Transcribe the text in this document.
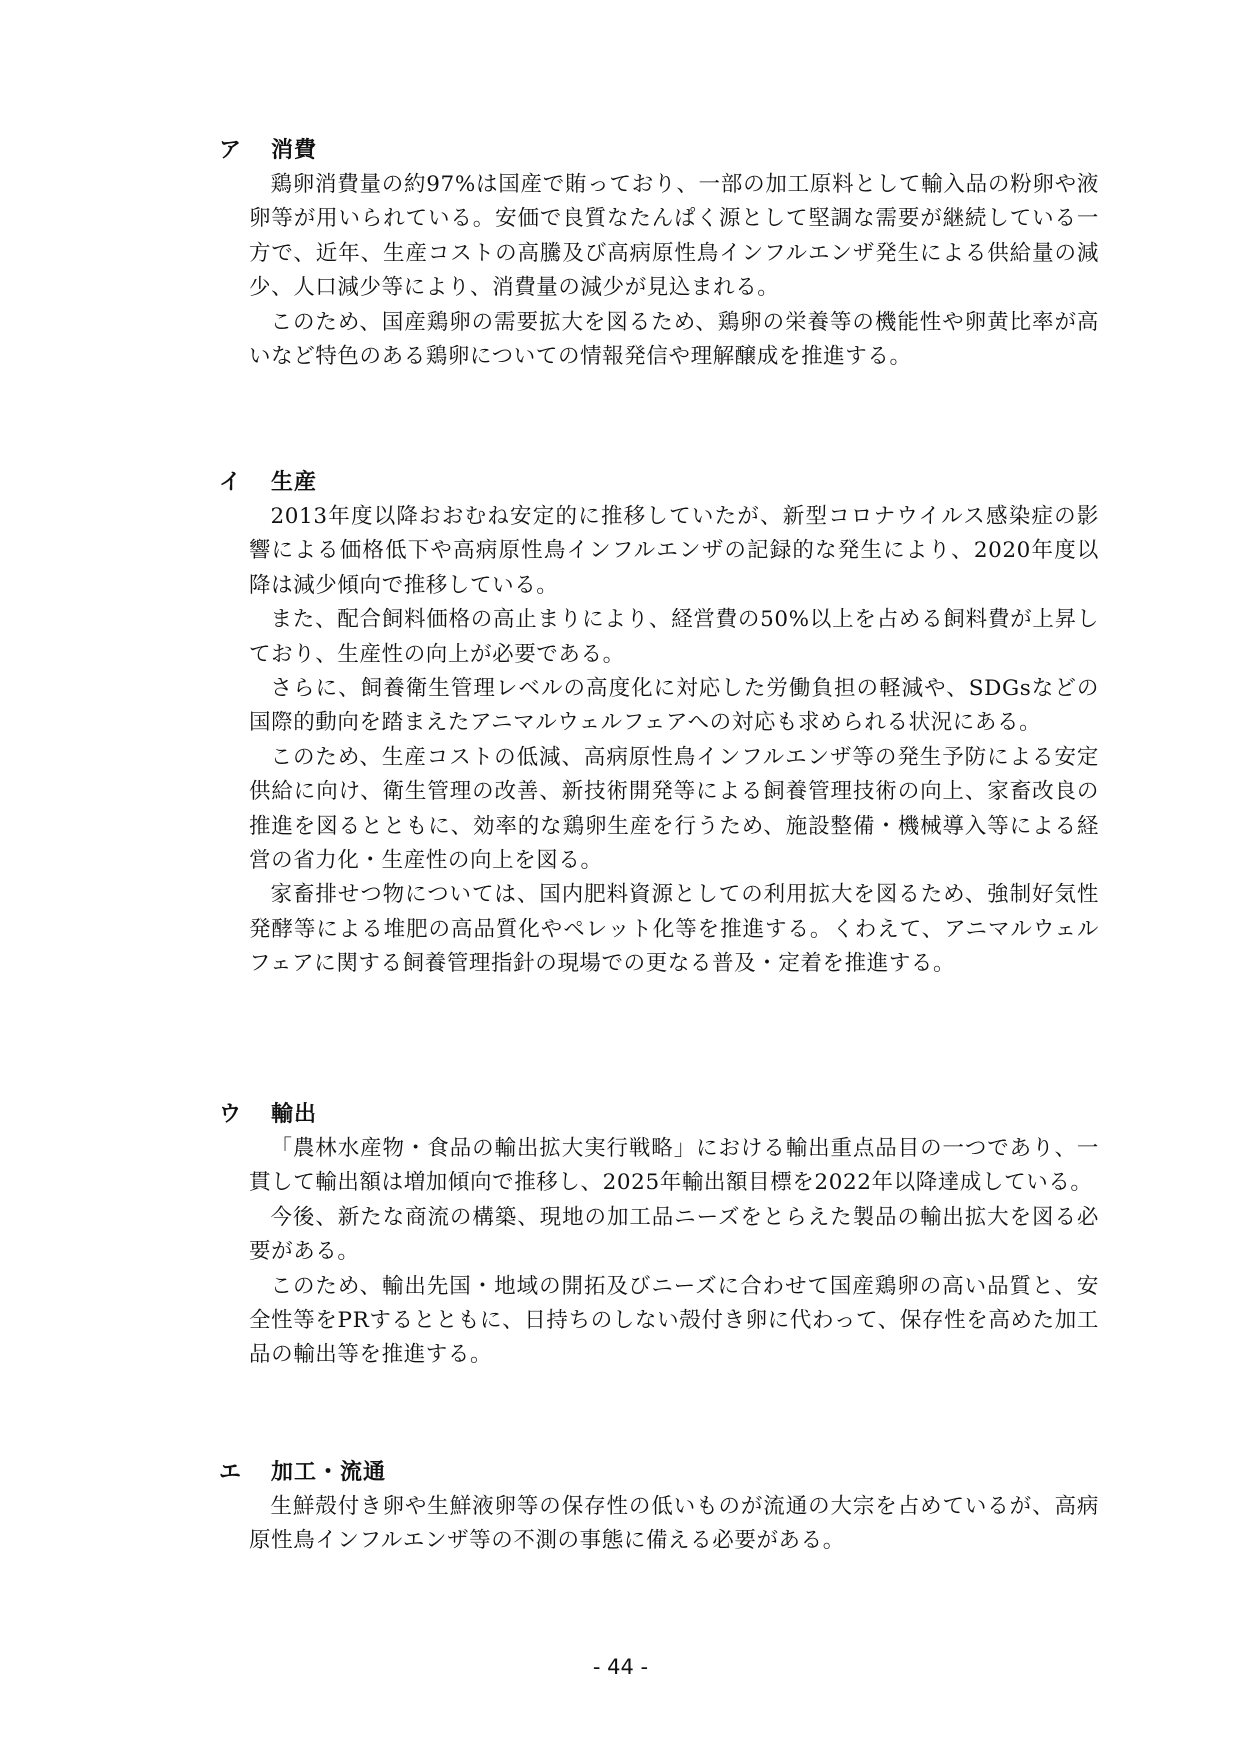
ア	消費

鶏卵消費量の約97%は国産で賄っており、一部の加工原料として輸入品の粉卵や液卵等が用いられている。安価で良質なたんぱく源として堅調な需要が継続している一方で、近年、生産コストの高騰及び高病原性鳥インフルエンザ発生による供給量の減少、人口減少等により、消費量の減少が見込まれる。

このため、国産鶏卵の需要拡大を図るため、鶏卵の栄養等の機能性や卵黄比率が高いなど特色のある鶏卵についての情報発信や理解醸成を推進する。

イ	生産

2013年度以降おおむね安定的に推移していたが、新型コロナウイルス感染症の影響による価格低下や高病原性鳥インフルエンザの記録的な発生により、2020年度以降は減少傾向で推移している。

また、配合飼料価格の高止まりにより、経営費の50%以上を占める飼料費が上昇しており、生産性の向上が必要である。

さらに、飼養衛生管理レベルの高度化に対応した労働負担の軽減や、SDGsなどの国際的動向を踏まえたアニマルウェルフェアへの対応も求められる状況にある。

このため、生産コストの低減、高病原性鳥インフルエンザ等の発生予防による安定供給に向け、衛生管理の改善、新技術開発等による飼養管理技術の向上、家畜改良の推進を図るとともに、効率的な鶏卵生産を行うため、施設整備・機械導入等による経営の省力化・生産性の向上を図る。

家畜排せつ物については、国内肥料資源としての利用拡大を図るため、強制好気性発酵等による堆肥の高品質化やペレット化等を推進する。くわえて、アニマルウェルフェアに関する飼養管理指針の現場での更なる普及・定着を推進する。

ウ	輸出

「農林水産物・食品の輸出拡大実行戦略」における輸出重点品目の一つであり、一貫して輸出額は増加傾向で推移し、2025年輸出額目標を2022年以降達成している。

今後、新たな商流の構築、現地の加工品ニーズをとらえた製品の輸出拡大を図る必要がある。

このため、輸出先国・地域の開拓及びニーズに合わせて国産鶏卵の高い品質と、安全性等をPRするとともに、日持ちのしない殻付き卵に代わって、保存性を高めた加工品の輸出等を推進する。

エ	加工・流通

生鮮殻付き卵や生鮮液卵等の保存性の低いものが流通の大宗を占めているが、高病原性鳥インフルエンザ等の不測の事態に備える必要がある。

- 44 -
